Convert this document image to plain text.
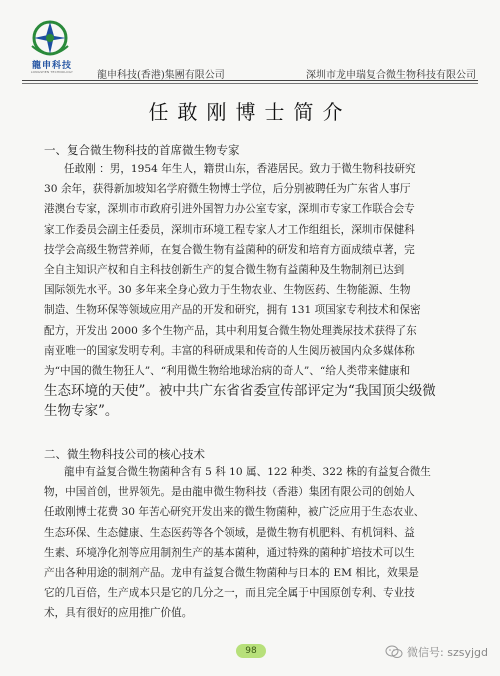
龍申科技
LONGSHEN TECHNOLOGY	龍申科技(香港)集團有限公司	深圳市龙申瑞复合微生物科技有限公司
任敢刚博士简介
一、复合微生物科技的首席微生物专家
任敢刚 ：男，1954 年生人，籍贯山东，香港居民。致力于微生物科技研究
30 余年，获得新加坡知名学府微生物博士学位，后分别被聘任为广东省人事厅
港澳台专家，深圳市市政府引进外国智力办公室专家，深圳市专家工作联合会专
家工作委员会副主任委员，深圳市环境工程专家人才工作组组长，深圳市保健科
技学会高级生物营养师，在复合微生物有益菌种的研发和培育方面成绩卓著，完
全自主知识产权和自主科技创新生产的复合微生物有益菌种及生物制剂已达到
国际领先水平。30 多年来全身心致力于生物农业、生物医药、生物能源、生物
制造、生物环保等领域应用产品的开发和研究，拥有 131 项国家专利技术和保密
配方，开发出 2000 多个生物产品，其中利用复合微生物处理粪尿技术获得了东
南亚唯一的国家发明专利。丰富的科研成果和传奇的人生阅历被国内众多媒体称
为“中国的微生物狂人”、“利用微生物给地球治病的奇人”、“给人类带来健康和
生态环境的天使”。被中共广东省省委宣传部评定为“我国顶尖级微
生物专家”。
二、微生物科技公司的核心技术
龍申有益复合微生物菌种含有 5 科 10 属、122 种类、322 株的有益复合微生
物，中国首创，世界领先。是由龍申微生物科技（香港）集团有限公司的创始人
任敢刚博士花费 30 年苦心研究开发出来的微生物菌种，被广泛应用于生态农业、
生态环保、生态健康、生态医药等各个领域，是微生物有机肥料、有机饲料、益
生素、环境净化剂等应用制剂生产的基本菌种，通过特殊的菌种扩培技术可以生
产出各种用途的制剂产品。龙申有益复合微生物菌种与日本的 EM 相比，效果是
它的几百倍，生产成本只是它的几分之一，而且完全属于中国原创专利、专业技
术，具有很好的应用推广价值。
98	微信号: szsyjgd
